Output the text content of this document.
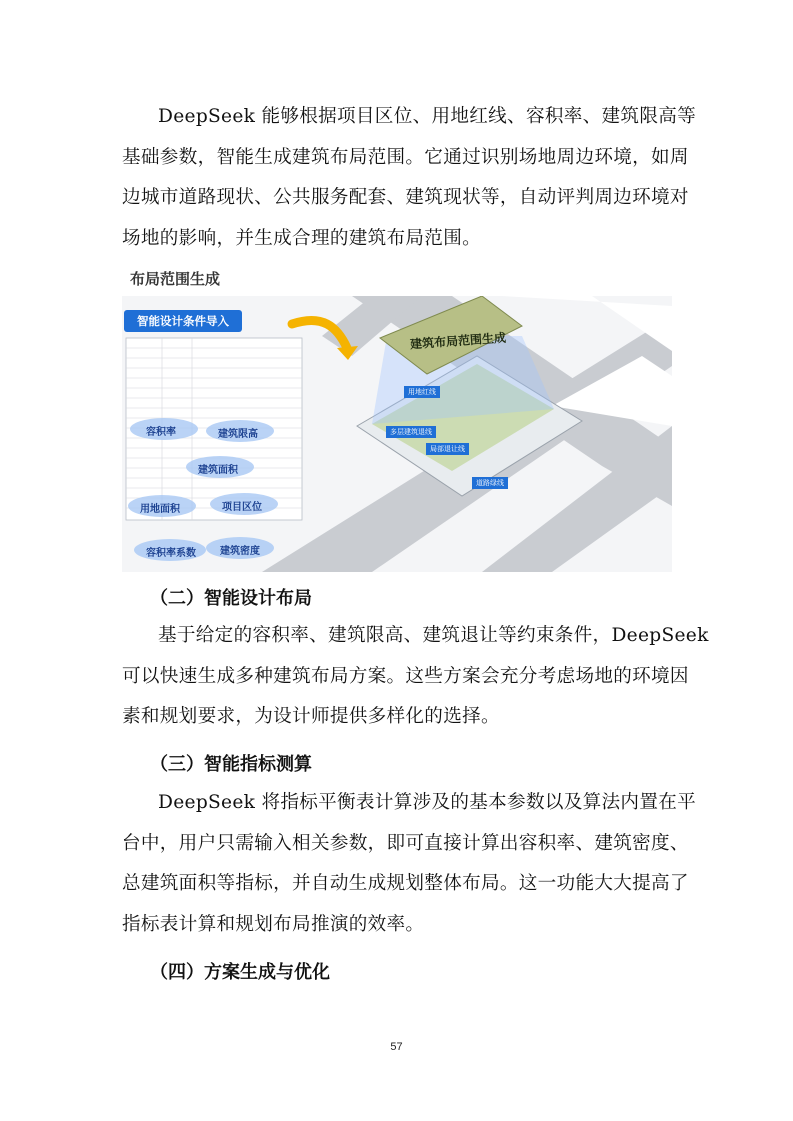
DeepSeek 能够根据项目区位、用地红线、容积率、建筑限高等
基础参数，智能生成建筑布局范围。它通过识别场地周边环境，如周
边城市道路现状、公共服务配套、建筑现状等，自动评判周边环境对
场地的影响，并生成合理的建筑布局范围。

布局范围生成

智能设计条件导入
建筑布局范围生成
容积率	建筑限高
建筑面积
用地面积	项目区位
容积率系数 建筑密度
用地红线
多层建筑退线
局部退让线
道路绿线

（二）智能设计布局

基于给定的容积率、建筑限高、建筑退让等约束条件，DeepSeek
可以快速生成多种建筑布局方案。这些方案会充分考虑场地的环境因
素和规划要求，为设计师提供多样化的选择。

（三）智能指标测算

DeepSeek 将指标平衡表计算涉及的基本参数以及算法内置在平
台中，用户只需输入相关参数，即可直接计算出容积率、建筑密度、
总建筑面积等指标，并自动生成规划整体布局。这一功能大大提高了
指标表计算和规划布局推演的效率。

（四）方案生成与优化

57
